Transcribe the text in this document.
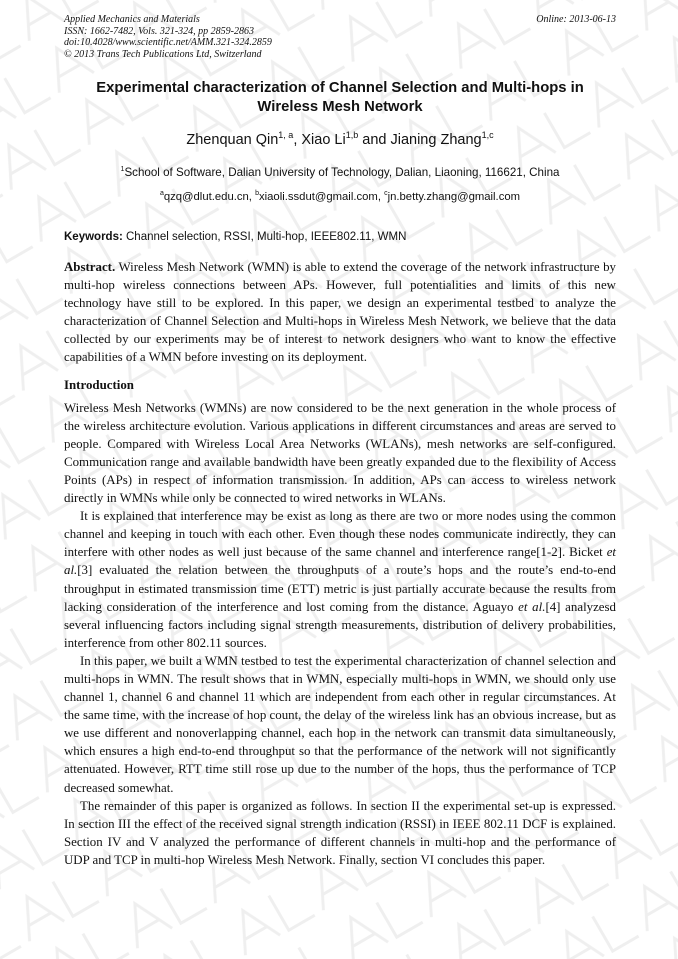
Applied Mechanics and Materials
ISSN: 1662-7482, Vols. 321-324, pp 2859-2863
doi:10.4028/www.scientific.net/AMM.321-324.2859
© 2013 Trans Tech Publications Ltd, Switzerland
Online: 2013-06-13
Experimental characterization of Channel Selection and Multi-hops in Wireless Mesh Network
Zhenquan Qin$^{1, a}$, Xiao Li$^{1,b}$ and Jianing Zhang$^{1,c}$
$^1$School of Software, Dalian University of Technology, Dalian, Liaoning, 116621, China
$^a$qzq@dlut.edu.cn, $^b$xiaoli.ssdut@gmail.com, $^c$jn.betty.zhang@gmail.com
Keywords: Channel selection, RSSI, Multi-hop, IEEE802.11, WMN

Abstract. Wireless Mesh Network (WMN) is able to extend the coverage of the network infrastructure by multi-hop wireless connections between APs. However, full potentialities and limits of this new technology have still to be explored. In this paper, we design an experimental testbed to analyze the characterization of Channel Selection and Multi-hops in Wireless Mesh Network, we believe that the data collected by our experiments may be of interest to network designers who want to know the effective capabilities of a WMN before investing on its deployment.

Introduction

Wireless Mesh Networks (WMNs) are now considered to be the next generation in the whole process of the wireless architecture evolution. Various applications in different circumstances and areas are served to people. Compared with Wireless Local Area Networks (WLANs), mesh networks are self-configured. Communication range and available bandwidth have been greatly expanded due to the flexibility of Access Points (APs) in respect of information transmission. In addition, APs can access to wireless network directly in WMNs while only be connected to wired networks in WLANs.

It is explained that interference may be exist as long as there are two or more nodes using the common channel and keeping in touch with each other. Even though these nodes communicate indirectly, they can interfere with other nodes as well just because of the same channel and interference range[1-2]. Bicket et al.[3] evaluated the relation between the throughputs of a route’s hops and the route’s end-to-end throughput in estimated transmission time (ETT) metric is just partially accurate because the results from lacking consideration of the interference and lost coming from the distance. Aguayo et al.[4] analyzesd several influencing factors including signal strength measurements, distribution of delivery probabilities, interference from other 802.11 sources.

In this paper, we built a WMN testbed to test the experimental characterization of channel selection and multi-hops in WMN. The result shows that in WMN, especially multi-hops in WMN, we should only use channel 1, channel 6 and channel 11 which are independent from each other in regular circumstances. At the same time, with the increase of hop count, the delay of the wireless link has an obvious increase, but as we use different and nonoverlapping channel, each hop in the network can transmit data simultaneously, which ensures a high end-to-end throughput so that the performance of the network will not significantly attenuated. However, RTT time still rose up due to the number of the hops, thus the performance of TCP decreased somewhat.

The remainder of this paper is organized as follows. In section II the experimental set-up is expressed. In section III the effect of the received signal strength indication (RSSI) in IEEE 802.11 DCF is explained. Section IV and V analyzed the performance of different channels in multi-hop and the performance of UDP and TCP in multi-hop Wireless Mesh Network. Finally, section VI concludes this paper.
